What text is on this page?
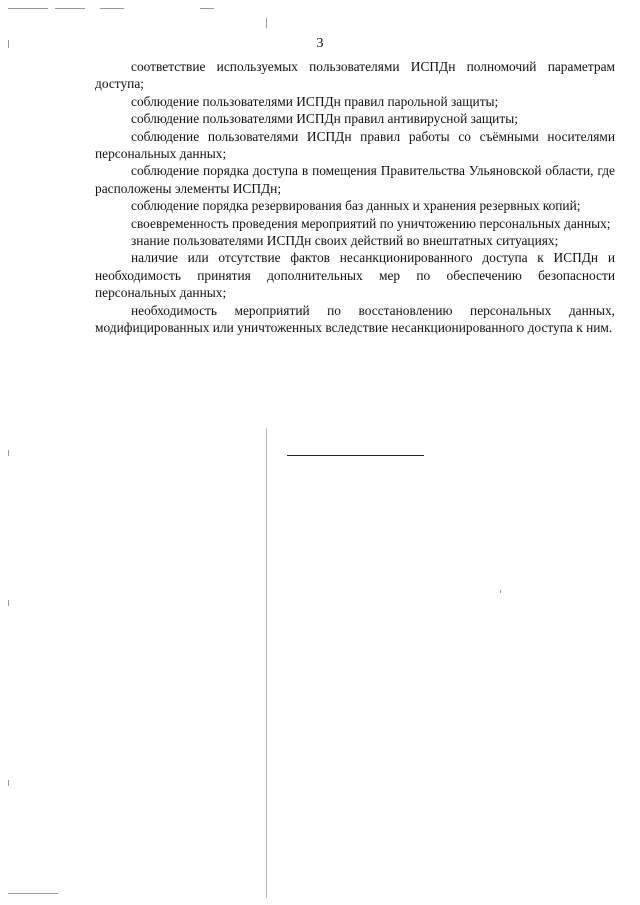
3

соответствие используемых пользователями ИСПДн полномочий параметрам доступа;

соблюдение пользователями ИСПДн правил парольной защиты;

соблюдение пользователями ИСПДн правил антивирусной защиты;

соблюдение пользователями ИСПДн правил работы со съёмными носителями персональных данных;

соблюдение порядка доступа в помещения Правительства Ульяновской области, где расположены элементы ИСПДн;

соблюдение порядка резервирования баз данных и хранения резервных копий;

своевременность проведения мероприятий по уничтожению персональных данных;

знание пользователями ИСПДн своих действий во внештатных ситуациях;

наличие или отсутствие фактов несанкционированного доступа к ИСПДн и необходимость принятия дополнительных мер по обеспечению безопасности персональных данных;

необходимость мероприятий по восстановлению персональных данных, модифицированных или уничтоженных вследствие несанкционированного доступа к ним.
